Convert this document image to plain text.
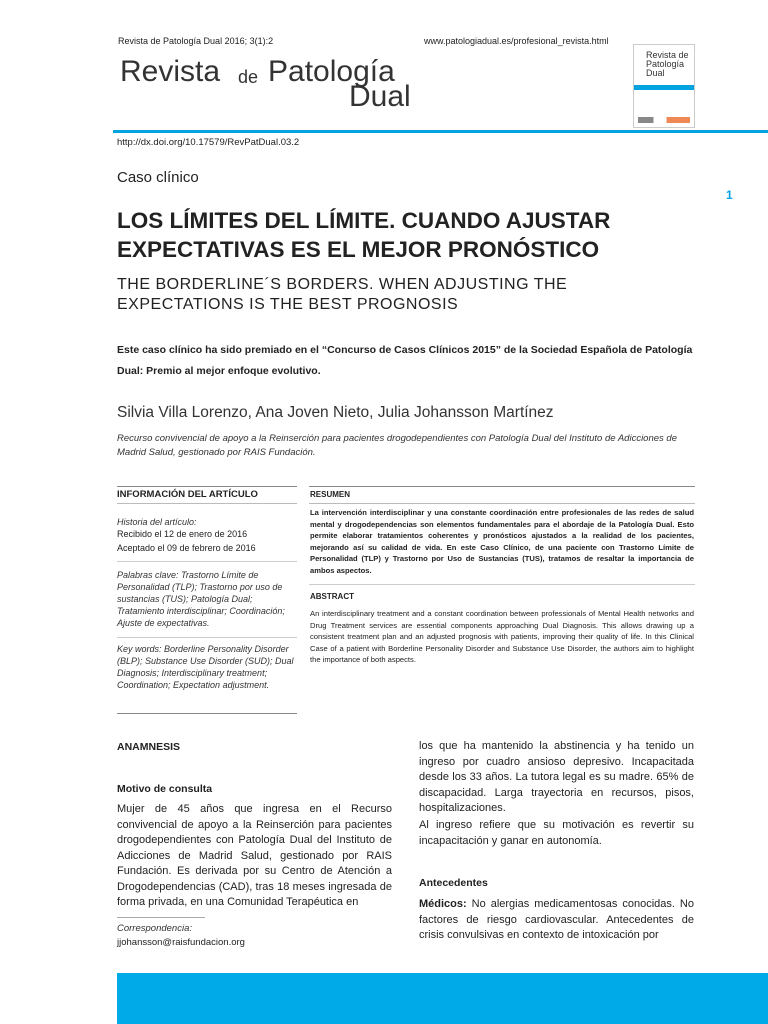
Revista de Patología Dual 2016; 3(1):2	www.patologiadual.es/profesional_revista.html
Revista de Patología
Dual
Revista de
Patología
Dual
http://dx.doi.org/10.17579/RevPatDual.03.2
Caso clínico
1
LOS LÍMITES DEL LÍMITE. CUANDO AJUSTAR
EXPECTATIVAS ES EL MEJOR PRONÓSTICO
THE BORDERLINE´S BORDERS. WHEN ADJUSTING THE
EXPECTATIONS IS THE BEST PROGNOSIS
Este caso clínico ha sido premiado en el “Concurso de Casos Clínicos 2015” de la Sociedad Española de Patología Dual: Premio al mejor enfoque evolutivo.
Silvia Villa Lorenzo, Ana Joven Nieto, Julia Johansson Martínez
Recurso convivencial de apoyo a la Reinserción para pacientes drogodependientes con Patología Dual del Instituto de Adicciones de Madrid Salud, gestionado por RAIS Fundación.
INFORMACIÓN DEL ARTÍCULO
Historia del artículo:
Recibido el 12 de enero de 2016
Aceptado el 09 de febrero de 2016
Palabras clave: Trastorno Límite de Personalidad (TLP); Trastorno por uso de sustancias (TUS); Patología Dual; Tratamiento interdisciplinar; Coordinación; Ajuste de expectativas.
Key words: Borderline Personality Disorder (BLP); Substance Use Disorder (SUD); Dual Diagnosis; Interdisciplinary treatment; Coordination; Expectation adjustment.
RESUMEN
La intervención interdisciplinar y una constante coordinación entre profesionales de las redes de salud mental y drogodependencias son elementos fundamentales para el abordaje de la Patología Dual. Esto permite elaborar tratamientos coherentes y pronósticos ajustados a la realidad de los pacientes, mejorando así su calidad de vida. En este Caso Clínico, de una paciente con Trastorno Límite de Personalidad (TLP) y Trastorno por Uso de Sustancias (TUS), tratamos de resaltar la importancia de ambos aspectos.
ABSTRACT
An interdisciplinary treatment and a constant coordination between professionals of Mental Health networks and Drug Treatment services are essential components approaching Dual Diagnosis. This allows drawing up a consistent treatment plan and an adjusted prognosis with patients, improving their quality of life. In this Clinical Case of a patient with Borderline Personality Disorder and Substance Use Disorder, the authors aim to highlight the importance of both aspects.
ANAMNESIS
Motivo de consulta
Mujer de 45 años que ingresa en el Recurso convivencial de apoyo a la Reinserción para pacientes drogodependientes con Patología Dual del Instituto de Adicciones de Madrid Salud, gestionado por RAIS Fundación. Es derivada por su Centro de Atención a Drogodependencias (CAD), tras 18 meses ingresada de forma privada, en una Comunidad Terapéutica en
Correspondencia:
jjohansson@raisfundacion.org
los que ha mantenido la abstinencia y ha tenido un ingreso por cuadro ansioso depresivo. Incapacitada desde los 33 años. La tutora legal es su madre. 65% de discapacidad. Larga trayectoria en recursos, pisos, hospitalizaciones.
Al ingreso refiere que su motivación es revertir su incapacitación y ganar en autonomía.
Antecedentes
Médicos: No alergias medicamentosas conocidas. No factores de riesgo cardiovascular. Antecedentes de crisis convulsivas en contexto de intoxicación por
